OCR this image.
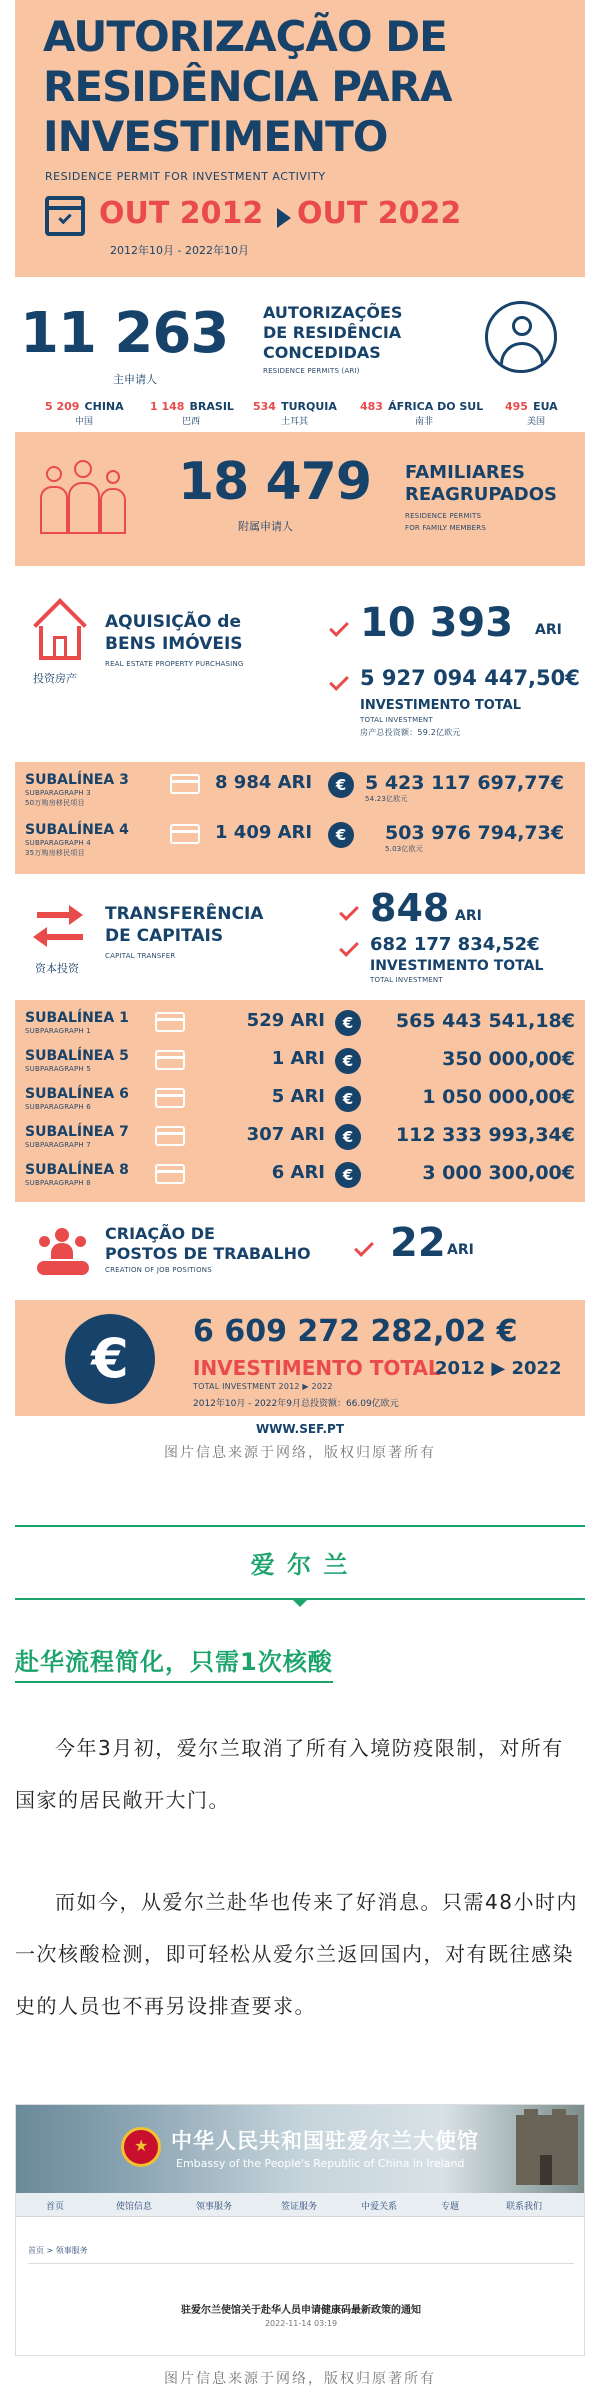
AUTORIZAÇÃO DE
RESIDÊNCIA PARA
INVESTIMENTO
RESIDENCE PERMIT FOR INVESTMENT ACTIVITY
OUT 2012 OUT 2022
2012年10月 - 2022年10月
11 263
主申请人
AUTORIZAÇÕES
DE RESIDÊNCIA
CONCEDIDAS
RESIDENCE PERMITS (ARI)
5 209 CHINA
中国
1 148 BRASIL
巴西
534 TURQUIA
土耳其
483 ÁFRICA DO SUL
南非
495 EUA
美国
18 479
附属申请人
FAMILIARES
REAGRUPADOS
RESIDENCE PERMITS
FOR FAMILY MEMBERS
投资房产
AQUISIÇÃO de
BENS IMÓVEIS
REAL ESTATE PROPERTY PURCHASING
10 393 ARI
5 927 094 447,50€
INVESTIMENTO TOTAL
TOTAL INVESTMENT
房产总投资额：59.2亿欧元
SUBALÍNEA 3
SUBPARAGRAPH 3
50万购房移民项目
8 984 ARI	€ 5 423 117 697,77€
54.23亿欧元
SUBALÍNEA 4
SUBPARAGRAPH 4
35万购房移民项目
1 409 ARI	€	503 976 794,73€
5.03亿欧元
资本投资
TRANSFERÊNCIA
DE CAPITAIS
CAPITAL TRANSFER
848 ARI
682 177 834,52€
INVESTIMENTO TOTAL
TOTAL INVESTMENT
SUBALÍNEA 1
SUBPARAGRAPH 1	529 ARI	€	565 443 541,18€
SUBALÍNEA 5
SUBPARAGRAPH 5	1 ARI	€	350 000,00€
SUBALÍNEA 6
SUBPARAGRAPH 6	5 ARI	€	1 050 000,00€
SUBALÍNEA 7
SUBPARAGRAPH 7	307 ARI	€	112 333 993,34€
SUBALÍNEA 8
SUBPARAGRAPH 8	6 ARI	€	3 000 300,00€
CRIAÇÃO DE
POSTOS DE TRABALHO
CREATION OF JOB POSITIONS
22 ARI
€	6 609 272 282,02 €
INVESTIMENTO TOTAL
2012 ▶ 2022
TOTAL INVESTMENT 2012 ▶ 2022
2012年10月 - 2022年9月总投资额：66.09亿欧元
WWW.SEF.PT
图片信息来源于网络，版权归原著所有
爱 尔 兰
赴华流程简化，只需1次核酸
今年3月初，爱尔兰取消了所有入境防疫限制，对所有国家的居民敞开大门。
而如今，从爱尔兰赴华也传来了好消息。只需48小时内一次核酸检测，即可轻松从爱尔兰返回国内，对有既往感染史的人员也不再另设排查要求。
★ 中华人民共和国驻爱尔兰大使馆
Embassy of the People's Republic of China in Ireland
首页	使馆信息	领事服务	签证服务	中爱关系	专题	联系我们
首页 > 领事服务
驻爱尔兰使馆关于赴华人员申请健康码最新政策的通知
2022-11-14 03:19
图片信息来源于网络，版权归原著所有
